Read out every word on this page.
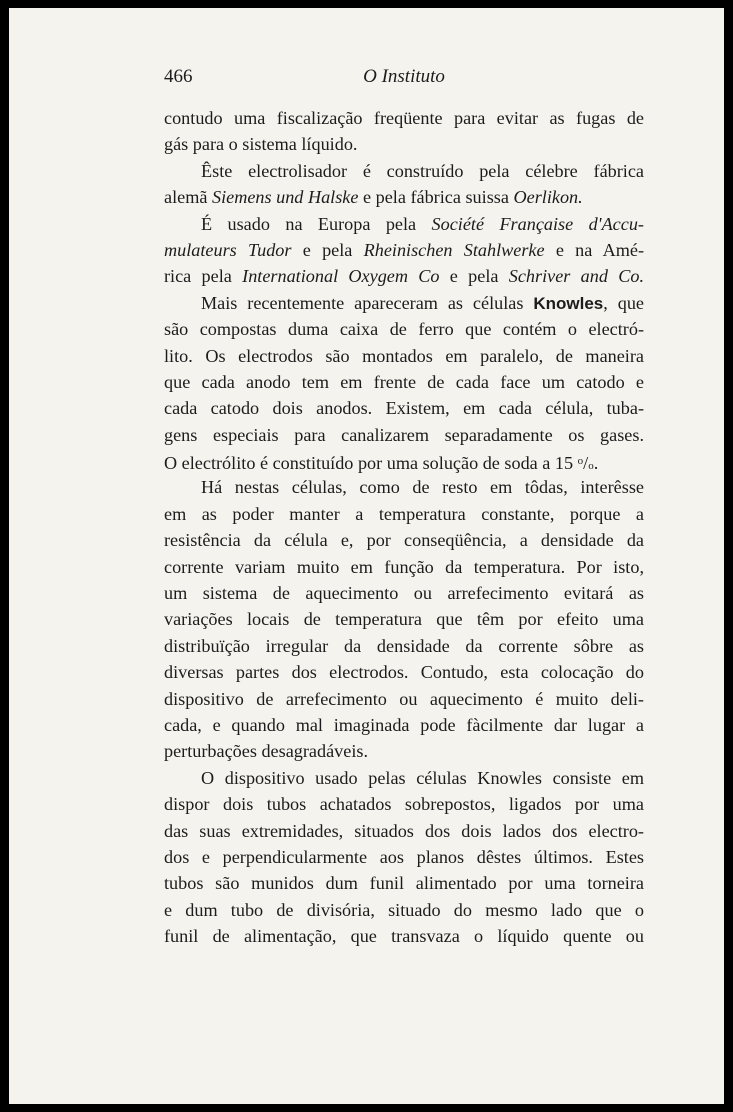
466	O Instituto
contudo uma fiscalização freqüente para evitar as fugas de
gás para o sistema líquido.
Êste electrolisador é construído pela célebre fábrica
alemã Siemens und Halske e pela fábrica suissa Oerlikon.
É usado na Europa pela Société Française d'Accu-
mulateurs Tudor e pela Rheinischen Stahlwerke e na Amé-
rica pela International Oxygem Co e pela Schriver and Co.
Mais recentemente apareceram as células Knowles, que
são compostas duma caixa de ferro que contém o electró-
lito. Os electrodos são montados em paralelo, de maneira
que cada anodo tem em frente de cada face um catodo e
cada catodo dois anodos. Existem, em cada célula, tuba-
gens especiais para canalizarem separadamente os gases.
O electrólito é constituído por uma solução de soda a 15 $^o$/o.
Há nestas células, como de resto em tôdas, interêsse
em as poder manter a temperatura constante, porque a
resistência da célula e, por conseqüência, a densidade da
corrente variam muito em função da temperatura. Por isto,
um sistema de aquecimento ou arrefecimento evitará as
variações locais de temperatura que têm por efeito uma
distribuïção irregular da densidade da corrente sôbre as
diversas partes dos electrodos. Contudo, esta colocação do
dispositivo de arrefecimento ou aquecimento é muito deli-
cada, e quando mal imaginada pode fàcilmente dar lugar a
perturbações desagradáveis.
O dispositivo usado pelas células Knowles consiste em
dispor dois tubos achatados sobrepostos, ligados por uma
das suas extremidades, situados dos dois lados dos electro-
dos e perpendicularmente aos planos dêstes últimos. Estes
tubos são munidos dum funil alimentado por uma torneira
e dum tubo de divisória, situado do mesmo lado que o
funil de alimentação, que transvaza o líquido quente ou
